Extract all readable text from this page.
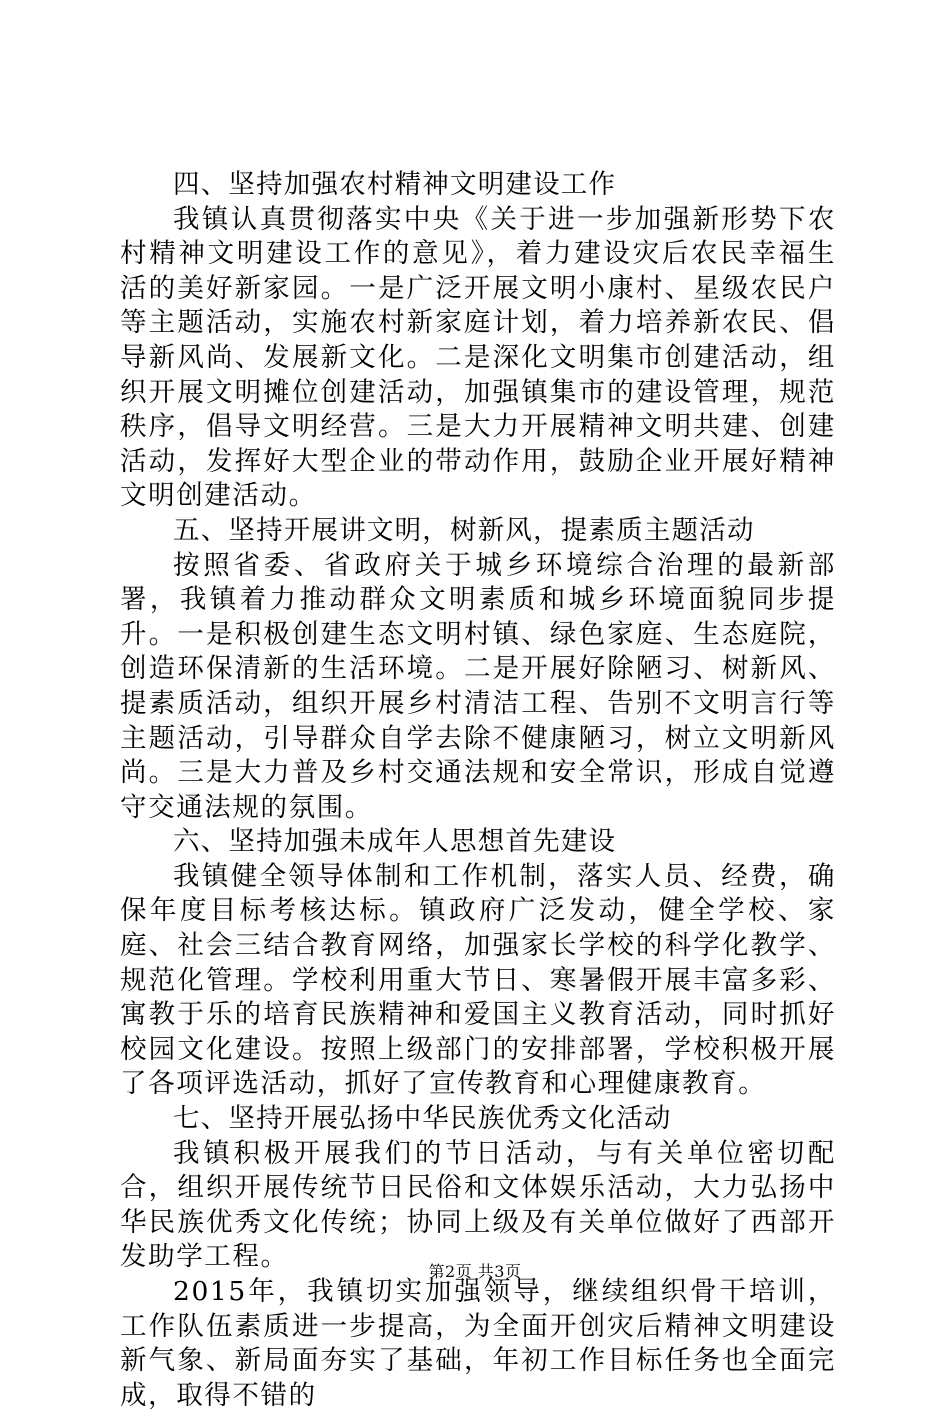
四、坚持加强农村精神文明建设工作

我镇认真贯彻落实中央《关于进一步加强新形势下农村精神文明建设工作的意见》，着力建设灾后农民幸福生活的美好新家园。一是广泛开展文明小康村、星级农民户等主题活动，实施农村新家庭计划，着力培养新农民、倡导新风尚、发展新文化。二是深化文明集市创建活动，组织开展文明摊位创建活动，加强镇集市的建设管理，规范秩序，倡导文明经营。三是大力开展精神文明共建、创建活动，发挥好大型企业的带动作用，鼓励企业开展好精神文明创建活动。

五、坚持开展讲文明，树新风，提素质主题活动

按照省委、省政府关于城乡环境综合治理的最新部署，我镇着力推动群众文明素质和城乡环境面貌同步提升。一是积极创建生态文明村镇、绿色家庭、生态庭院，创造环保清新的生活环境。二是开展好除陋习、树新风、提素质活动，组织开展乡村清洁工程、告别不文明言行等主题活动，引导群众自学去除不健康陋习，树立文明新风尚。三是大力普及乡村交通法规和安全常识，形成自觉遵守交通法规的氛围。

六、坚持加强未成年人思想首先建设

我镇健全领导体制和工作机制，落实人员、经费，确保年度目标考核达标。镇政府广泛发动，健全学校、家庭、社会三结合教育网络，加强家长学校的科学化教学、规范化管理。学校利用重大节日、寒暑假开展丰富多彩、寓教于乐的培育民族精神和爱国主义教育活动，同时抓好校园文化建设。按照上级部门的安排部署，学校积极开展了各项评选活动，抓好了宣传教育和心理健康教育。

七、坚持开展弘扬中华民族优秀文化活动

我镇积极开展我们的节日活动，与有关单位密切配合，组织开展传统节日民俗和文体娱乐活动，大力弘扬中华民族优秀文化传统；协同上级及有关单位做好了西部开发助学工程。

2015年，我镇切实加强领导，继续组织骨干培训，工作队伍素质进一步提高，为全面开创灾后精神文明建设新气象、新局面夯实了基础，年初工作目标任务也全面完成，取得不错的

第2页 共3页
